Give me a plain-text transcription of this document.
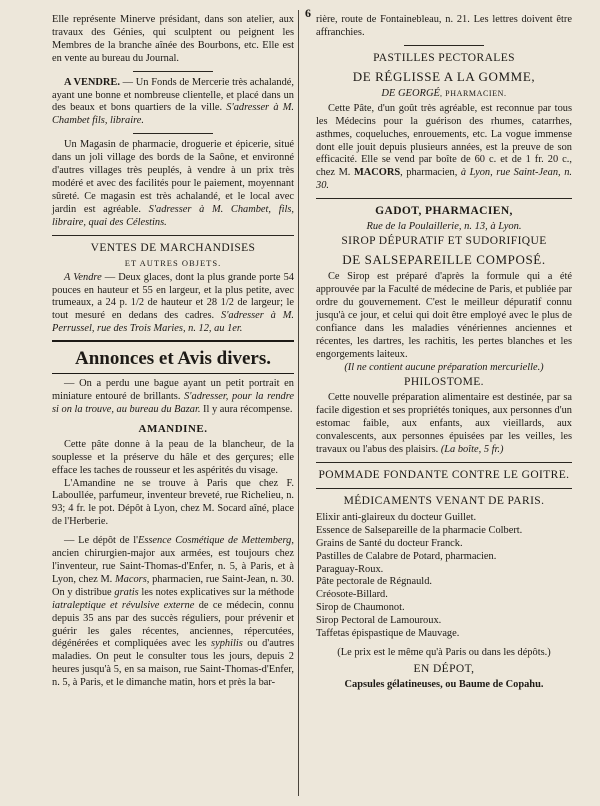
6

Elle représente Minerve présidant, dans son atelier, aux travaux des Génies, qui sculptent ou peignent les Membres de la branche aînée des Bourbons, etc. Elle est en vente au bureau du Journal.

A VENDRE. — Un Fonds de Mercerie très achalandé, ayant une bonne et nombreuse clientelle, et placé dans un des beaux et bons quartiers de la ville. S'adresser à M. Chambet fils, libraire.

Un Magasin de pharmacie, droguerie et épicerie, situé dans un joli village des bords de la Saône, et environné d'autres villages très peuplés, à vendre à un prix très modéré et avec des facilités pour le paiement, moyennant sûreté. Ce magasin est très achalandé, et le local avec jardin est agréable. S'adresser à M. Chambet, fils, libraire, quai des Célestins.

VENTES DE MARCHANDISES
ET AUTRES OBJETS.

A Vendre — Deux glaces, dont la plus grande porte 54 pouces en hauteur et 55 en largeur, et la plus petite, avec trumeaux, a 24 p. 1/2 de hauteur et 28 1/2 de largeur; le tout mesuré en dedans des cadres. S'adresser à M. Perrussel, rue des Trois Maries, n. 12, au 1er.

Annonces et Avis divers.

— On a perdu une bague ayant un petit portrait en miniature entouré de brillants. S'adresser, pour la rendre si on la trouve, au bureau du Bazar. Il y aura récompense.

AMANDINE.

Cette pâte donne à la peau de la blancheur, de la souplesse et la préserve du hâle et des gerçures; elle efface les taches de rousseur et les aspérités du visage.

L'Amandine ne se trouve à Paris que chez F. Laboullée, parfumeur, inventeur breveté, rue Richelieu, n. 93; 4 fr. le pot. Dépôt à Lyon, chez M. Socard aîné, place de l'Herberie.

— Le dépôt de l'Essence Cosmétique de Mettemberg, ancien chirurgien-major aux armées, est toujours chez l'inventeur, rue Saint-Thomas-d'Enfer, n. 5, à Paris, et à Lyon, chez M. Macors, pharmacien, rue Saint-Jean, n. 30. On y distribue gratis les notes explicatives sur la méthode iatraleptique et révulsive externe de ce médecin, connu depuis 35 ans par des succès réguliers, pour prévenir et guérir les gales récentes, anciennes, répercutées, dégénérées et compliquées avec les syphilis ou d'autres maladies. On peut le consulter tous les jours, depuis 2 heures jusqu'à 5, en sa maison, rue Saint-Thomas-d'Enfer, n. 5, à Paris, et le dimanche matin, hors et près la bar-

rière, route de Fontainebleau, n. 21. Les lettres doivent être affranchies.

PASTILLES PECTORALES
DE RÉGLISSE A LA GOMME,
DE GEORGÉ, PHARMACIEN.

Cette Pâte, d'un goût très agréable, est reconnue par tous les Médecins pour la guérison des rhumes, catarrhes, asthmes, coqueluches, enrouements, etc. La vogue immense dont elle jouit depuis plusieurs années, est la preuve de son efficacité. Elle se vend par boîte de 60 c. et de 1 fr. 20 c., chez M. MACORS, pharmacien, à Lyon, rue Saint-Jean, n. 30.

GADOT, PHARMACIEN,
Rue de la Poulaillerie, n. 13, à Lyon.
SIROP DÉPURATIF ET SUDORIFIQUE
DE SALSEPAREILLE COMPOSÉ.

Ce Sirop est préparé d'après la formule qui a été approuvée par la Faculté de médecine de Paris, et publiée par ordre du gouvernement. C'est le meilleur dépuratif connu jusqu'à ce jour, et celui qui doit être employé avec le plus de confiance dans les maladies vénériennes anciennes et récentes, les dartres, les rachitis, les pertes blanches et les engorgements laiteux.

(Il ne contient aucune préparation mercurielle.)

PHILOSTOME.

Cette nouvelle préparation alimentaire est destinée, par sa facile digestion et ses propriétés toniques, aux personnes d'un estomac faible, aux enfants, aux vieillards, aux convalescents, aux personnes épuisées par les veilles, les travaux ou l'abus des plaisirs. (La boîte, 5 fr.)

POMMADE FONDANTE CONTRE LE GOITRE.
MÉDICAMENTS VENANT DE PARIS.

Elixir anti-glaireux du docteur Guillet.

Essence de Salsepareille de la pharmacie Colbert.

Grains de Santé du docteur Franck.

Pastilles de Calabre de Potard, pharmacien.

Paraguay-Roux.

Pâte pectorale de Régnauld.

Créosote-Billard.

Sirop de Chaumonot.

Sirop Pectoral de Lamouroux.

Taffetas épispastique de Mauvage.

(Le prix est le même qu'à Paris ou dans les dépôts.)

EN DÉPOT,

Capsules gélatineuses, ou Baume de Copahu.
